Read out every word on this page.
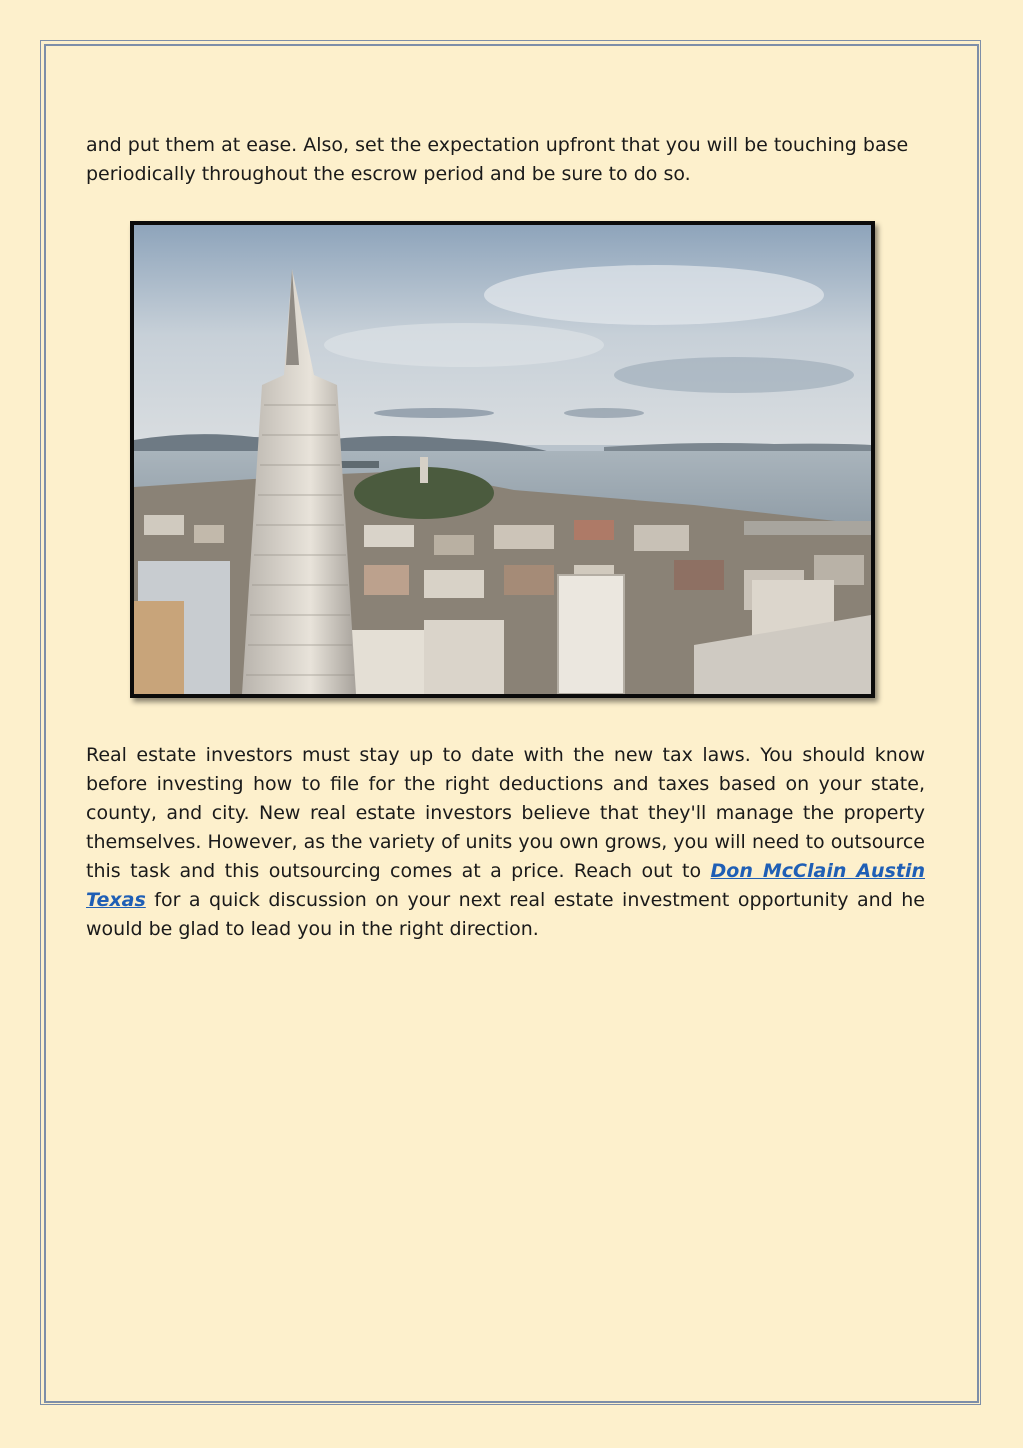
and put them at ease. Also, set the expectation upfront that you will be touching base periodically throughout the escrow period and be sure to do so.

Real estate investors must stay up to date with the new tax laws. You should know before investing how to file for the right deductions and taxes based on your state, county, and city. New real estate investors believe that they'll manage the property themselves. However, as the variety of units you own grows, you will need to outsource this task and this outsourcing comes at a price. Reach out to Don McClain Austin Texas for a quick discussion on your next real estate investment opportunity and he would be glad to lead you in the right direction.
